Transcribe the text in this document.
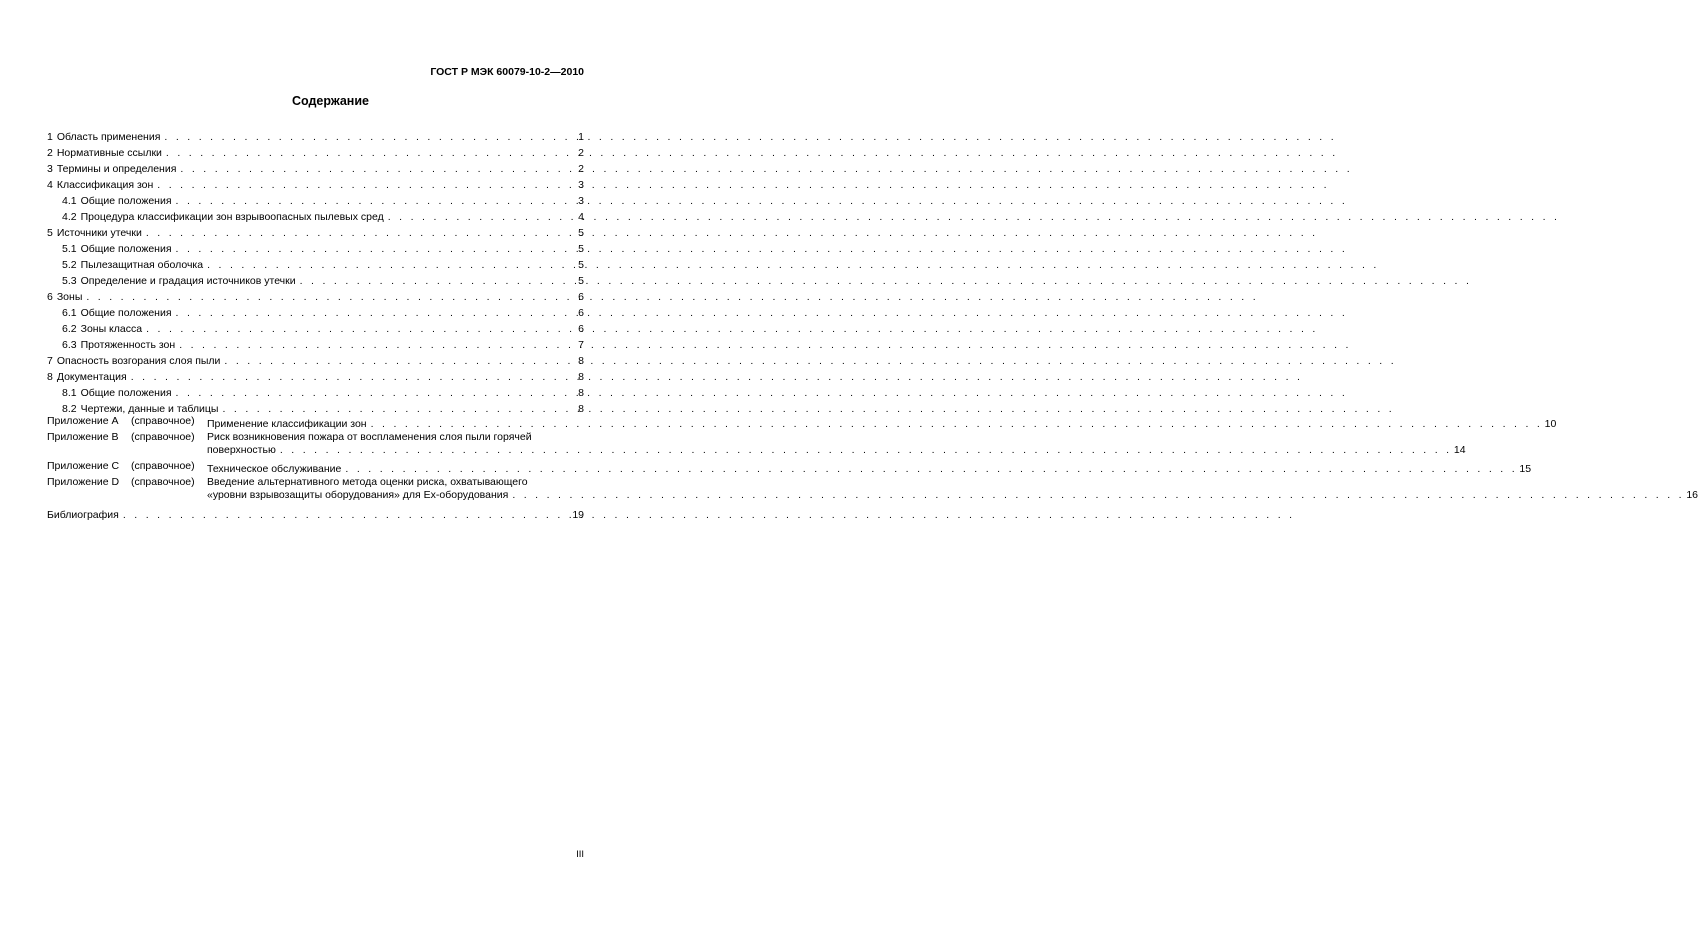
ГОСТ Р МЭК 60079-10-2—2010
Содержание
1 Область применения . . .	1
2 Нормативные ссылки . . .	2
3 Термины и определения . . .	2
4 Классификация зон . . .	3
4.1 Общие положения . . .	3
4.2 Процедура классификации зон взрывоопасных пылевых сред . . .	4
5 Источники утечки . . .	5
5.1 Общие положения . . .	5
5.2 Пылезащитная оболочка . . .	5
5.3 Определение и градация источников утечки . . .	5
6 Зоны . . .	6
6.1 Общие положения . . .	6
6.2 Зоны класса . . .	6
6.3 Протяженность зон . . .	7
7 Опасность возгорания слоя пыли . . .	8
8 Документация . . .	8
8.1 Общие положения . . .	8
8.2 Чертежи, данные и таблицы . . .	8
Приложение А	(справочное)	Применение классификации зон . . .	10
Приложение В	(справочное)	Риск возникновения пожара от воспламенения слоя пыли горячей
поверхностью . . .	14
Приложение С	(справочное)	Техническое обслуживание . . .	15
Приложение D	(справочное)	Введение альтернативного метода оценки риска, охватывающего
«уровни взрывозащиты оборудования» для Ех-оборудования . . .	16
Библиография . . .	19
III
